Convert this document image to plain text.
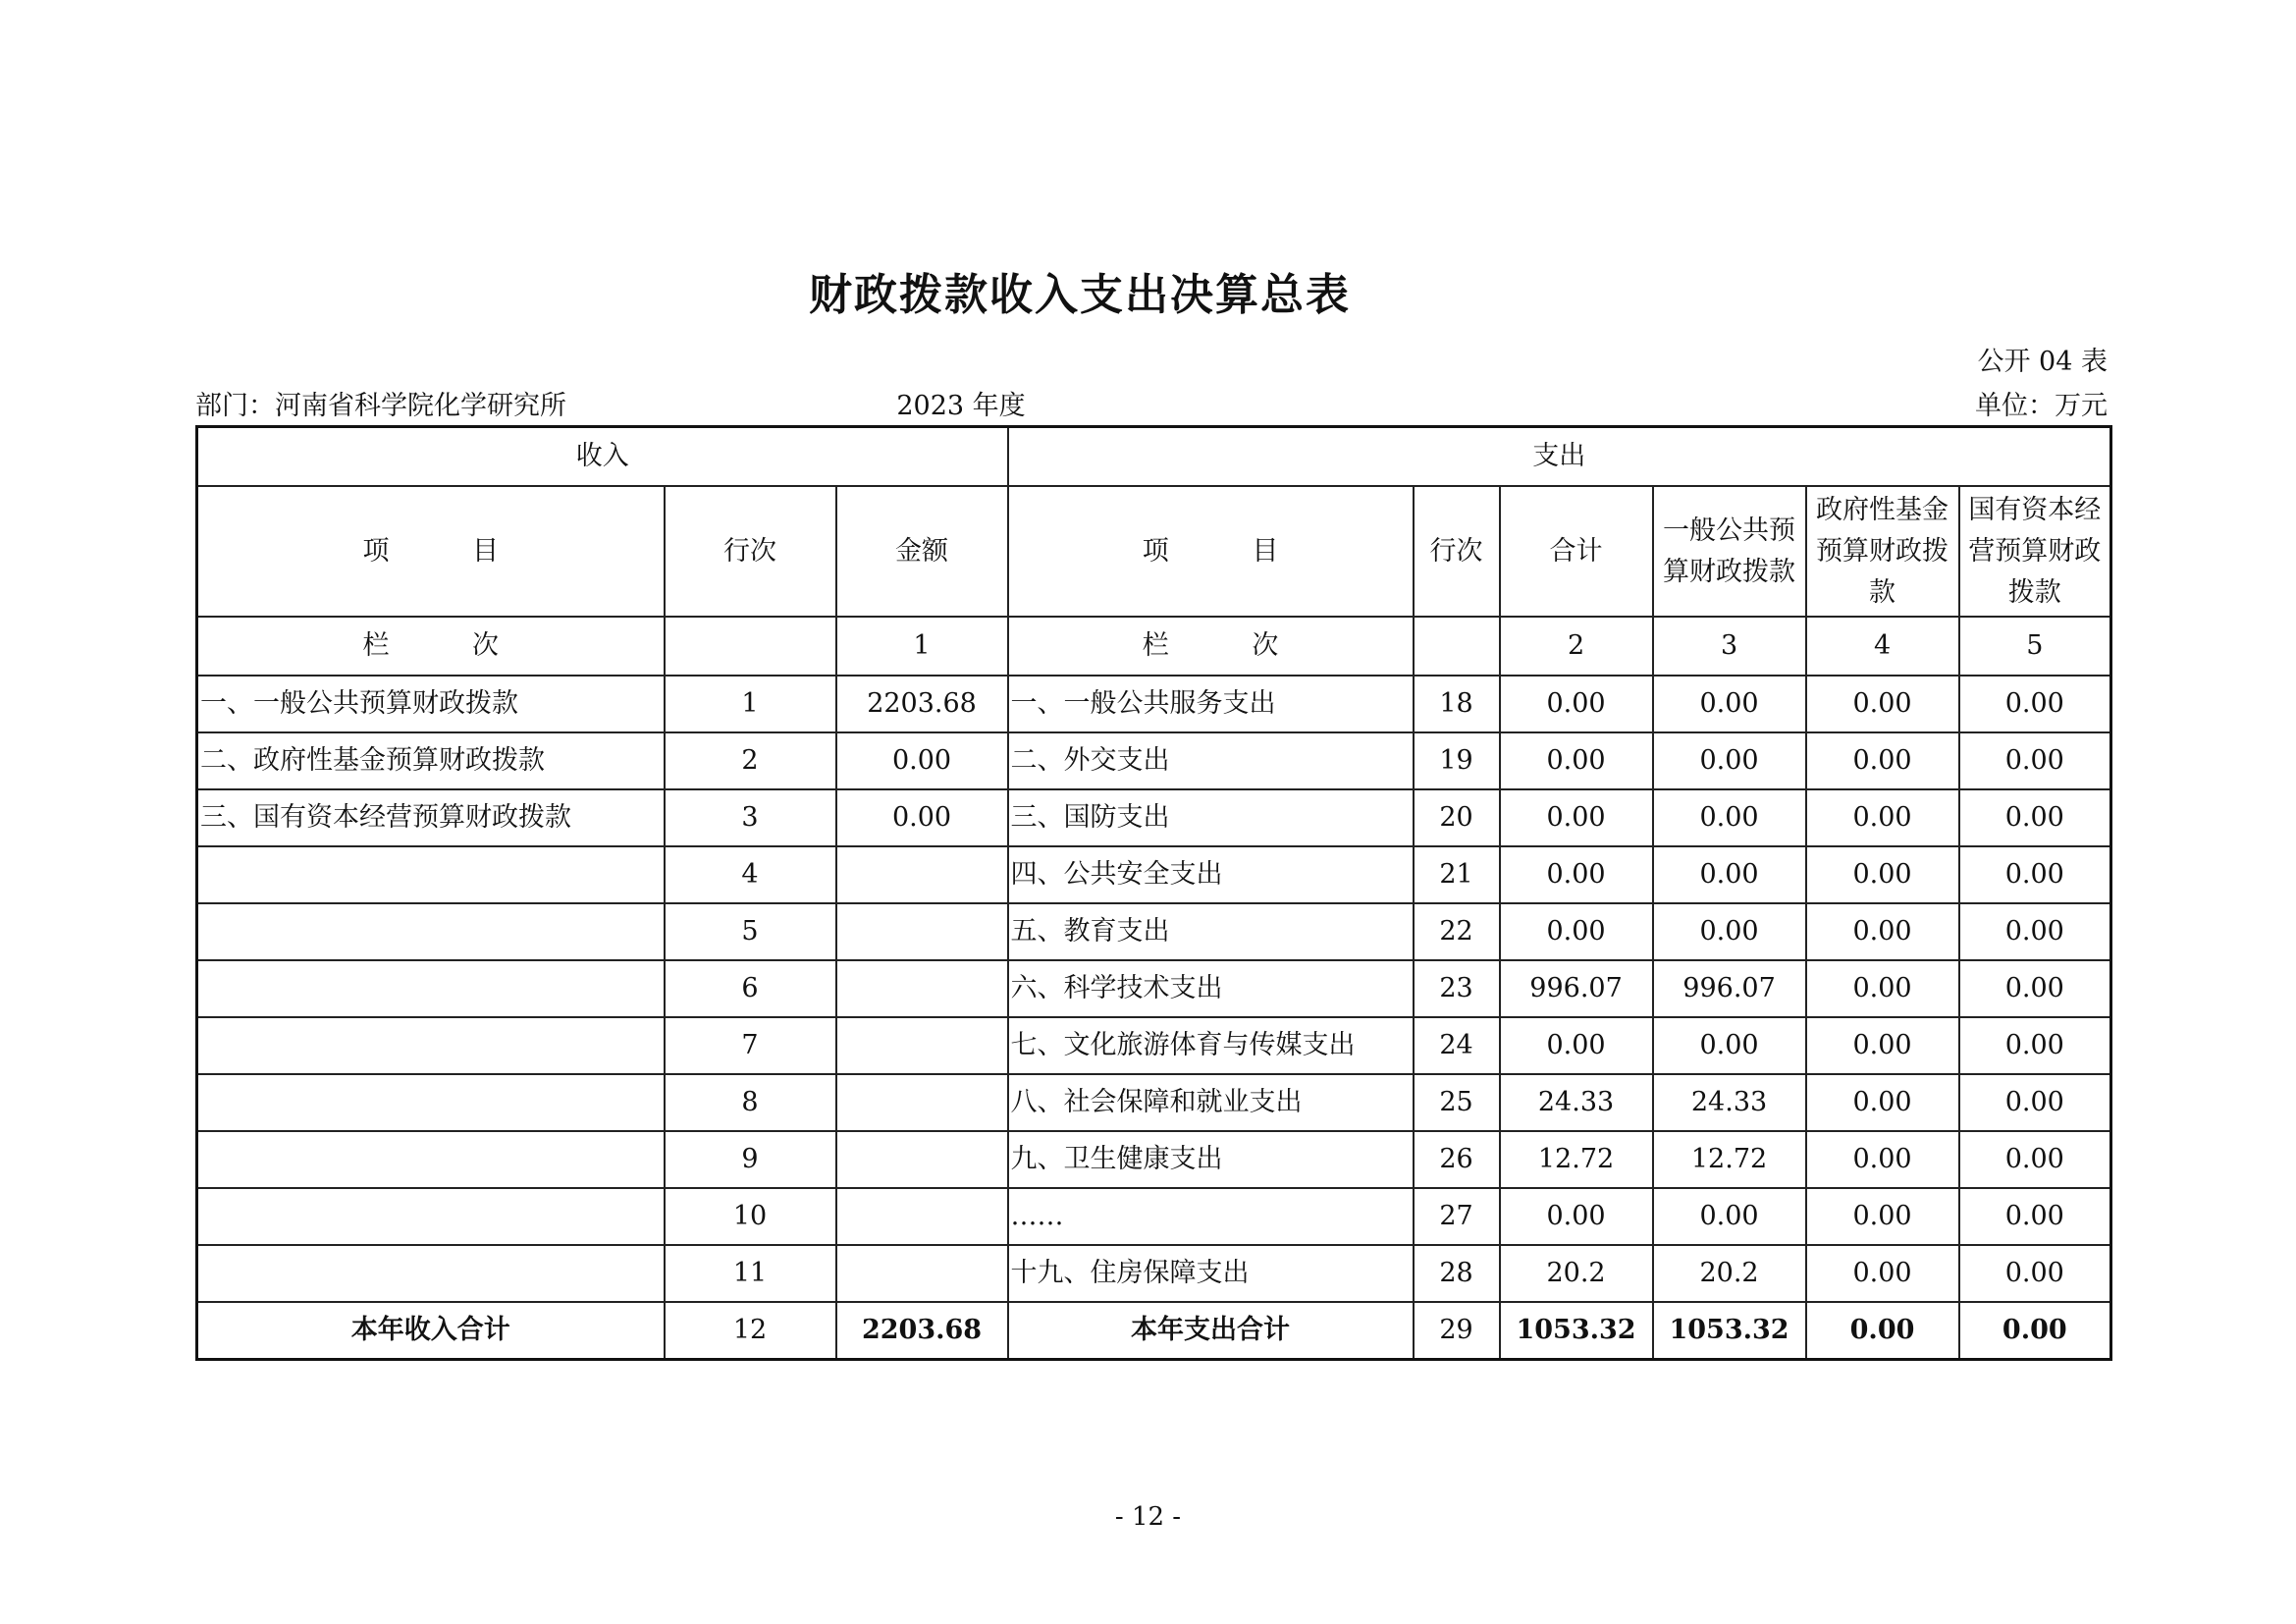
财政拨款收入支出决算总表
公开 04 表
部门：河南省科学院化学研究所	2023 年度	单位：万元
收入			支出					
项 目	行次	金额	项 目	行次	合计	一般公共预算财政拨款	政府性基金预算财政拨款	国有资本经营预算财政拨款
栏 次		1	栏 次		2	3	4	5
一、一般公共预算财政拨款	1	2203.68	一、一般公共服务支出	18	0.00	0.00	0.00	0.00
二、政府性基金预算财政拨款	2	0.00	二、外交支出	19	0.00	0.00	0.00	0.00
三、国有资本经营预算财政拨款	3	0.00	三、国防支出	20	0.00	0.00	0.00	0.00
	4		四、公共安全支出	21	0.00	0.00	0.00	0.00
	5		五、教育支出	22	0.00	0.00	0.00	0.00
	6		六、科学技术支出	23	996.07	996.07	0.00	0.00
	7		七、文化旅游体育与传媒支出	24	0.00	0.00	0.00	0.00
	8		八、社会保障和就业支出	25	24.33	24.33	0.00	0.00
	9		九、卫生健康支出	26	12.72	12.72	0.00	0.00
	10		……	27	0.00	0.00	0.00	0.00
	11		十九、住房保障支出	28	20.2	20.2	0.00	0.00
本年收入合计	12	2203.68	本年支出合计	29	1053.32	1053.32	0.00	0.00
- 12 -
